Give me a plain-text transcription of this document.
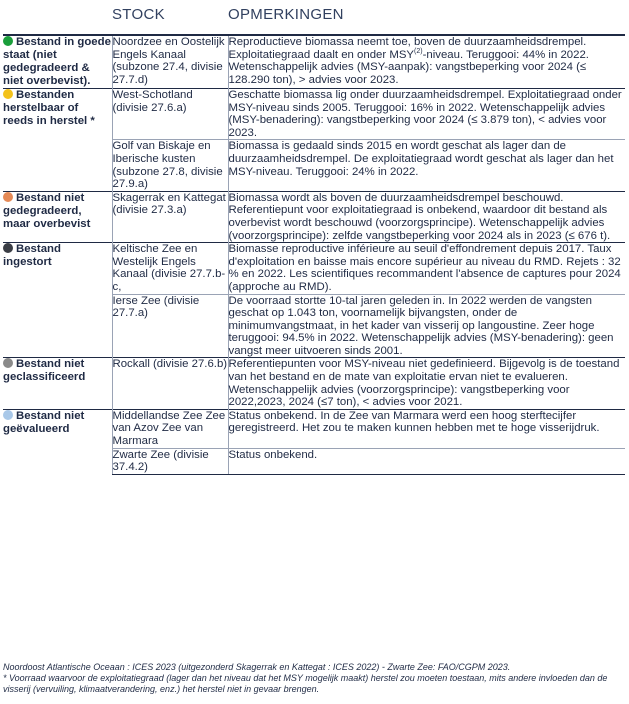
	STOCK	OPMERKINGEN
Bestand in goede staat (niet gedegradeerd & niet overbevist).	Noordzee en Oostelijk Engels Kanaal (subzone 27.4, divisie 27.7.d)	Reproductieve biomassa neemt toe, boven de duurzaamheidsdrempel. Exploitatiegraad daalt en onder MSY$^{(2)}$-niveau. Teruggooi: 44% in 2022. Wetenschappelijk advies (MSY-aanpak): vangstbeperking voor 2024 (≤ 128.290 ton), > advies voor 2023.
Bestanden herstelbaar of reeds in herstel *	West-Schotland (divisie 27.6.a)	Geschatte biomassa lig onder duurzaamheidsdrempel. Exploitatiegraad onder MSY-niveau sinds 2005. Teruggooi: 16% in 2022. Wetenschappelijk advies (MSY-benadering): vangstbeperking voor 2024 (≤ 3.879 ton), < advies voor 2023.
	Golf van Biskaje en Iberische kusten (subzone 27.8, divisie 27.9.a)	Biomassa is gedaald sinds 2015 en wordt geschat als lager dan de duurzaamheidsdrempel. De exploitatiegraad wordt geschat als lager dan het MSY-niveau. Teruggooi: 24% in 2022.
Bestand niet gedegradeerd, maar overbevist	Skagerrak en Kattegat (divisie 27.3.a)	Biomassa wordt als boven de duurzaamheidsdrempel beschouwd. Referentiepunt voor exploitatiegraad is onbekend, waardoor dit bestand als overbevist wordt beschouwd (voorzorgsprincipe). Wetenschappelijk advies (voorzorgsprincipe): zelfde vangstbeperking voor 2024 als in 2023 (≤ 676 t).
Bestand ingestort	Keltische Zee en Westelijk Engels Kanaal (divisie 27.7.b-c,	Biomasse reproductive inférieure au seuil d'effondrement depuis 2017. Taux d'exploitation en baisse mais encore supérieur au niveau du RMD. Rejets : 32 % en 2022. Les scientifiques recommandent l'absence de captures pour 2024 (approche au RMD).
	Ierse Zee (divisie 27.7.a)	De voorraad stortte 10-tal jaren geleden in. In 2022 werden de vangsten geschat op 1.043 ton, voornamelijk bijvangsten, onder de minimumvangstmaat, in het kader van visserij op langoustine. Zeer hoge teruggooi: 94.5% in 2022. Wetenschappelijk advies (MSY-benadering): geen vangst meer uitvoeren sinds 2001.
Bestand niet geclassificeerd	Rockall (divisie 27.6.b)	Referentiepunten voor MSY-niveau niet gedefinieerd. Bijgevolg is de toestand van het bestand en de mate van exploitatie ervan niet te evalueren. Wetenschappelijk advies (voorzorgsprincipe): vangstbeperking voor 2022,2023, 2024 (≤7 ton), < advies voor 2021.
Bestand niet geëvalueerd	Middellandse Zee Zee van Azov Zee van Marmara	Status onbekend. In de Zee van Marmara werd een hoog sterftecijfer geregistreerd. Het zou te maken kunnen hebben met te hoge visserijdruk.
	Zwarte Zee (divisie 37.4.2)	Status onbekend.

Noordoost Atlantische Oceaan : ICES 2023 (uitgezonderd Skagerrak en Kattegat : ICES 2022) - Zwarte Zee: FAO/CGPM 2023.

* Voorraad waarvoor de exploitatiegraad (lager dan het niveau dat het MSY mogelijk maakt) herstel zou moeten toestaan, mits andere invloeden dan de visserij (vervuiling, klimaatverandering, enz.) het herstel niet in gevaar brengen.
